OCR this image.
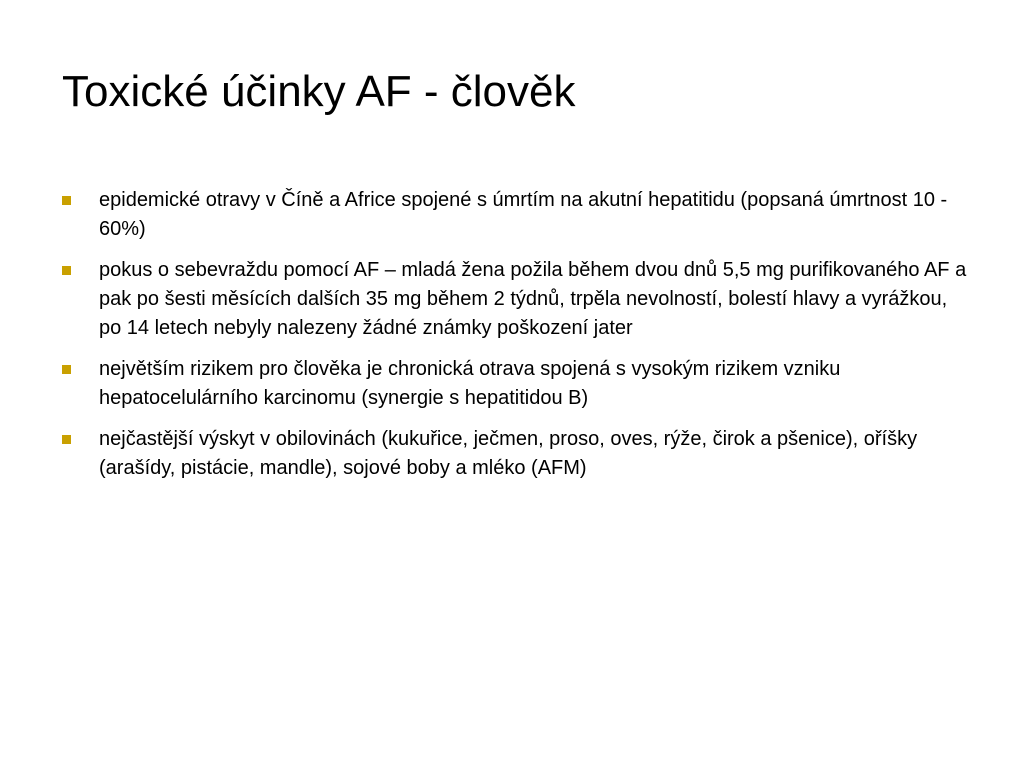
Toxické účinky AF - člověk
epidemické otravy v Číně a Africe spojené s úmrtím na akutní hepatitidu (popsaná úmrtnost 10 - 60%)
pokus o sebevraždu pomocí AF – mladá žena požila během dvou dnů 5,5 mg purifikovaného AF a pak po šesti měsících dalších 35 mg během 2 týdnů, trpěla nevolností, bolestí hlavy a vyrážkou, po 14 letech nebyly nalezeny žádné známky poškození jater
největším rizikem pro člověka je chronická otrava spojená s vysokým rizikem vzniku hepatocelulárního karcinomu (synergie s hepatitidou B)
nejčastější výskyt v obilovinách (kukuřice, ječmen, proso, oves, rýže, čirok a pšenice), oříšky (arašídy, pistácie, mandle), sojové boby a mléko (AFM)
